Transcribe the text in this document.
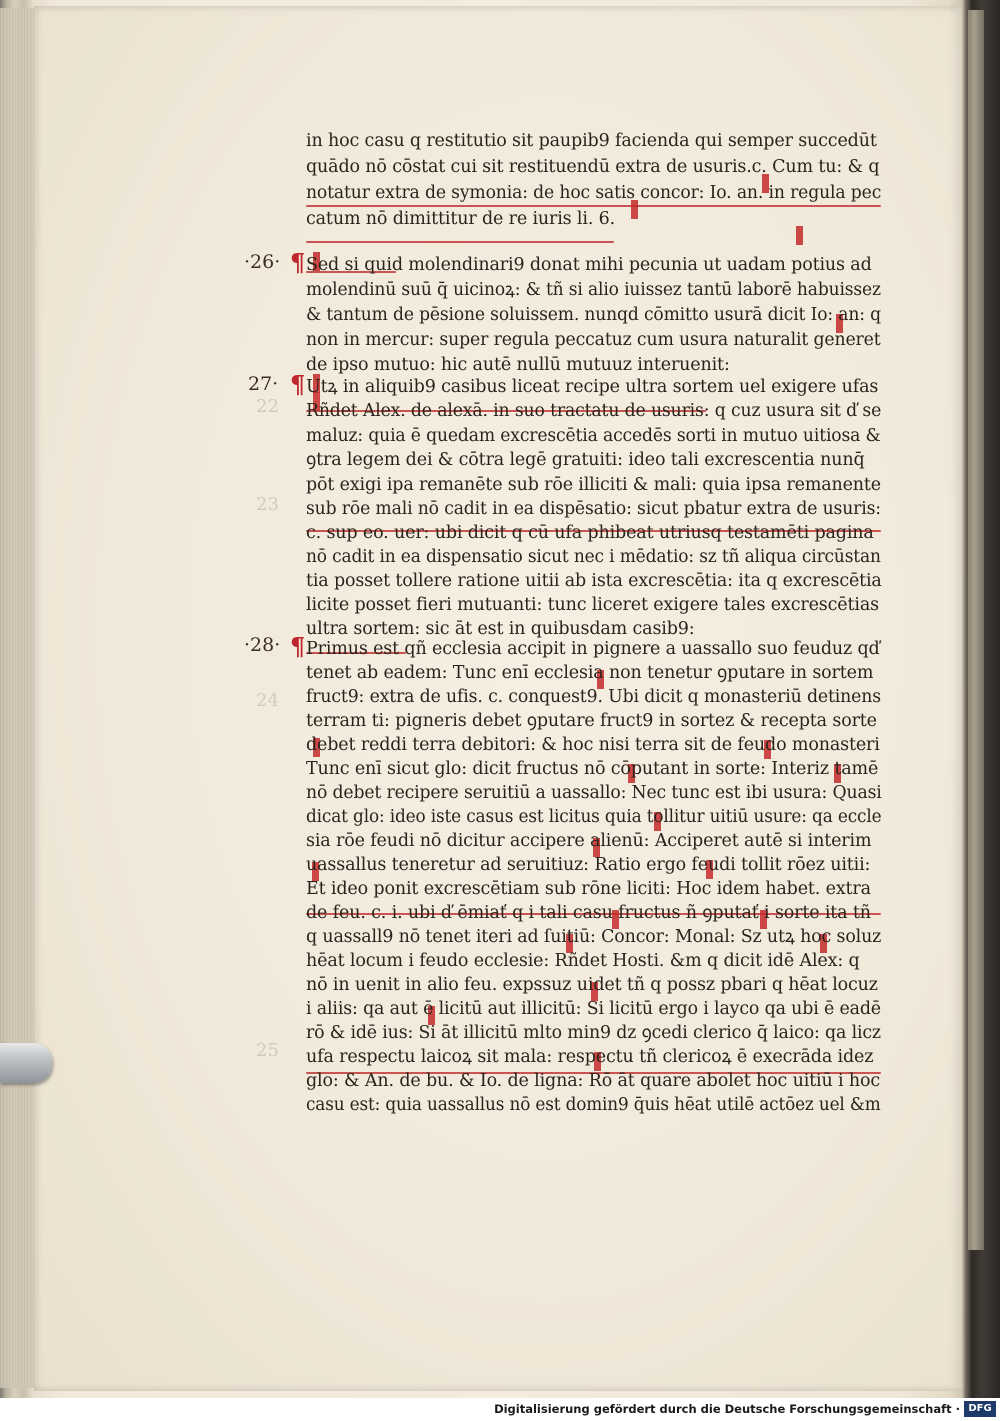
2.
22
23
24
25
·26·
27·
·28·
¶
¶
¶
in hoc casu q restitutio sit paupib9 facienda qui semper succedūt
quādo nō cōstat cui sit restituendū extra de usuris.c. Cum tu: & q
notatur extra de symonia: de hoc satis concor: Io. an. in regula pec
catum nō dimittitur de re iuris li. 6.
Sed si quid molendinari9 donat mihi pecunia ut uadam potius ad
molendinū suū q̄ uicinoꝝ: & tñ si alio iuissez tantū laborē habuissez
& tantum de pēsione soluissem. nunqd cōmitto usurā dicit Io: an: q
non in mercur: super regula peccatuz cum usura naturalit generet
de ipso mutuo: hic autē nullū mutuuz interuenit:
Utꝝ in aliquib9 casibus liceat recipe ultra sortem uel exigere ufas
Rñdet Alex. de alexā. in suo tractatu de usuris: q cuz usura sit ď se
maluz: quia ē quedam excrescētia accedēs sorti in mutuo uitiosa &
ꝯtra legem dei & cōtra legē gratuiti: ideo tali excrescentia nunq̄
pōt exigi ipa remanēte sub rōe illiciti & mali: quia ipsa remanente
sub rōe mali nō cadit in ea dispēsatio: sicut pbatur extra de usuris:
c. sup eo. uer: ubi dicit q cū ufa phibeat utriusq testamēti pagina
nō cadit in ea dispensatio sicut nec i mēdatio: sz tñ aliqua circūstan
tia posset tollere ratione uitii ab ista excrescētia: ita q excrescētia
licite posset fieri mutuanti: tunc liceret exigere tales excrescētias
ultra sortem: sic āt est in quibusdam casib9:
Primus est qñ ecclesia accipit in pignere a uassallo suo feuduz qď
tenet ab eadem: Tunc enī ecclesia non tenetur ꝯputare in sortem
fruct9: extra de ufis. c. conquest9. Ubi dicit q monasteriū detinens
terram ti: pigneris debet ꝯputare fruct9 in sortez & recepta sorte
debet reddi terra debitori: & hoc nisi terra sit de feudo monasteri
Tunc enī sicut glo: dicit fructus nō cōputant in sorte: Interiz tamē
nō debet recipere seruitiū a uassallo: Nec tunc est ibi usura: Quasi
dicat glo: ideo iste casus est licitus quia tollitur uitiū usure: qa eccle
sia rōe feudi nō dicitur accipere alienū: Acciperet autē si interim
uassallus teneretur ad seruitiuz: Ratio ergo feudi tollit rōez uitii:
Et ideo ponit excrescētiam sub rōne liciti: Hoc idem habet. extra
de feu. c. i. ubi ď ēmiať q i tali casu fructus ñ ꝯputať i sorte ita tñ
q uassall9 nō tenet iteri ad ſuitiū: Concor: Monal: Sz utꝝ hoc soluz
hēat locum i feudo ecclesie: Rñdet Hosti. &m q dicit idē Alex: q
nō in uenit in alio feu. expssuz uidet tñ q possz pbari q hēat locuz
i aliis: qa aut ē licitū aut illicitū: Si licitū ergo i layco qa ubi ē eadē
rō & idē ius: Si āt illicitū mlto min9 dz ꝯcedi clerico q̄ laico: qa licz
ufa respectu laicoꝝ sit mala: respectu tñ clericoꝝ ē execrāda idez
glo: & An. de bu. & Io. de ligna: Rō āt quare abolet hoc uitiū i hoc
casu est: quia uassallus nō est domin9 q̄uis hēat utilē actōez uel &m
Digitalisierung gefördert durch die Deutsche Forschungsgemeinschaft · DFG
